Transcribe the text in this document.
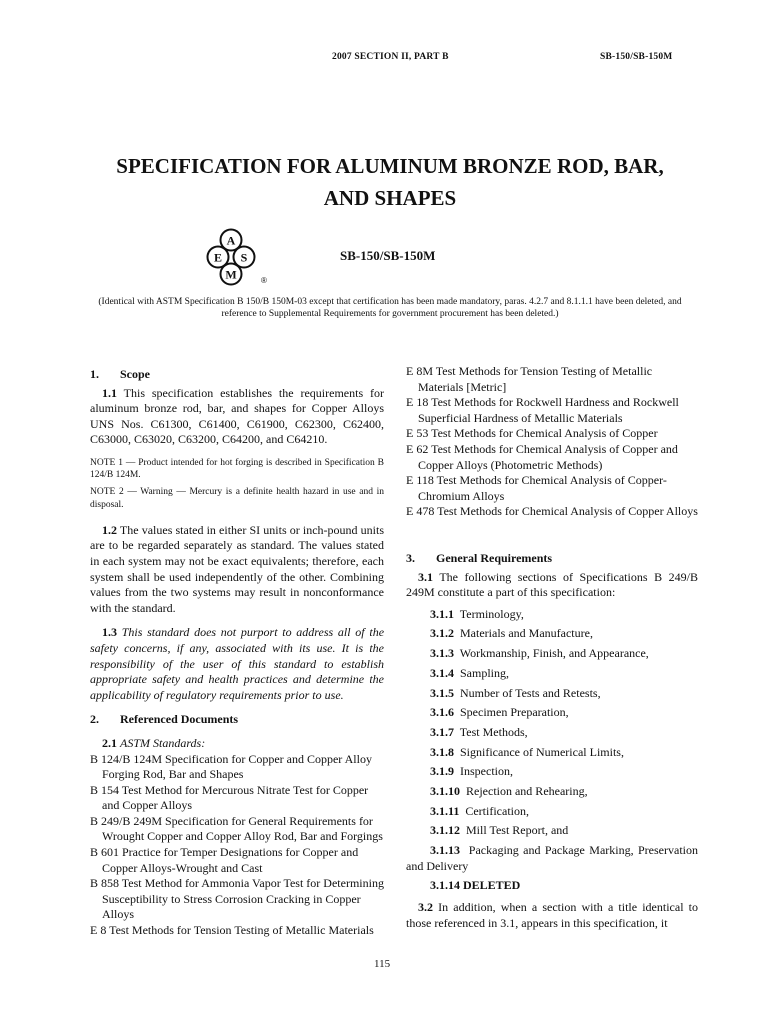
2007 SECTION II, PART B	SB-150/SB-150M
SPECIFICATION FOR ALUMINUM BRONZE ROD, BAR,
AND SHAPES
A
S
M
E
®
SB-150/SB-150M
(Identical with ASTM Specification B 150/B 150M-03 except that certification has been made mandatory, paras. 4.2.7 and 8.1.1.1 have been deleted, and reference to Supplemental Requirements for government procurement has been deleted.)

1. Scope

1.1 This specification establishes the requirements for aluminum bronze rod, bar, and shapes for Copper Alloys UNS Nos. C61300, C61400, C61900, C62300, C62400, C63000, C63020, C63200, C64200, and C64210.

NOTE 1 — Product intended for hot forging is described in Specification B 124/B 124M.

NOTE 2 — Warning — Mercury is a definite health hazard in use and in disposal.

1.2 The values stated in either SI units or inch-pound units are to be regarded separately as standard. The values stated in each system may not be exact equivalents; therefore, each system shall be used independently of the other. Combining values from the two systems may result in nonconformance with the standard.

1.3 This standard does not purport to address all of the safety concerns, if any, associated with its use. It is the responsibility of the user of this standard to establish appropriate safety and health practices and determine the applicability of regulatory requirements prior to use.

2. Referenced Documents

2.1 ASTM Standards:

B 124/B 124M Specification for Copper and Copper Alloy Forging Rod, Bar and Shapes

B 154 Test Method for Mercurous Nitrate Test for Copper and Copper Alloys

B 249/B 249M Specification for General Requirements for Wrought Copper and Copper Alloy Rod, Bar and Forgings

B 601 Practice for Temper Designations for Copper and Copper Alloys-Wrought and Cast

B 858 Test Method for Ammonia Vapor Test for Determining Susceptibility to Stress Corrosion Cracking in Copper Alloys

E 8 Test Methods for Tension Testing of Metallic Materials

E 8M Test Methods for Tension Testing of Metallic Materials [Metric]

E 18 Test Methods for Rockwell Hardness and Rockwell Superficial Hardness of Metallic Materials

E 53 Test Methods for Chemical Analysis of Copper

E 62 Test Methods for Chemical Analysis of Copper and Copper Alloys (Photometric Methods)

E 118 Test Methods for Chemical Analysis of Copper-Chromium Alloys

E 478 Test Methods for Chemical Analysis of Copper Alloys

3. General Requirements

3.1 The following sections of Specifications B 249/B 249M constitute a part of this specification:

3.1.1 Terminology,

3.1.2 Materials and Manufacture,

3.1.3 Workmanship, Finish, and Appearance,

3.1.4 Sampling,

3.1.5 Number of Tests and Retests,

3.1.6 Specimen Preparation,

3.1.7 Test Methods,

3.1.8 Significance of Numerical Limits,

3.1.9 Inspection,

3.1.10 Rejection and Rehearing,

3.1.11 Certification,

3.1.12 Mill Test Report, and

3.1.13 Packaging and Package Marking, Preservation and Delivery

3.1.14 DELETED

3.2 In addition, when a section with a title identical to those referenced in 3.1, appears in this specification, it

115
